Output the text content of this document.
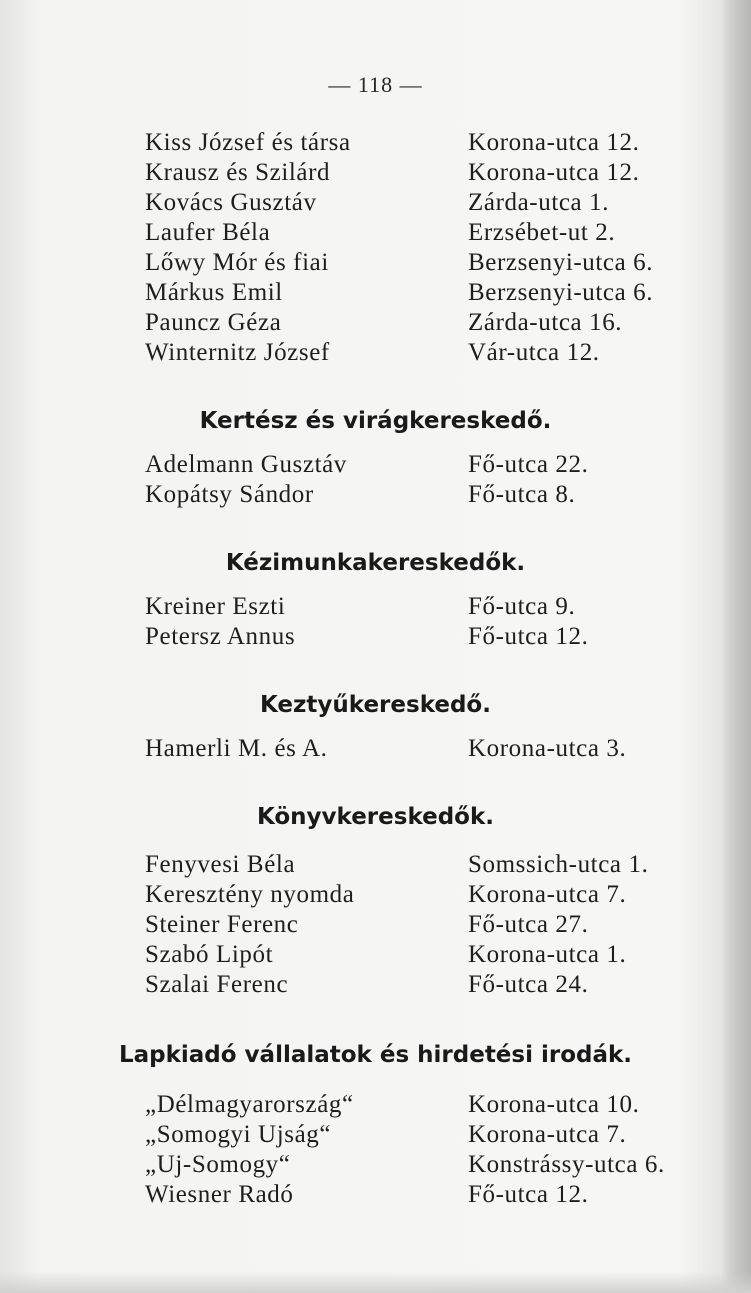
— 118 —
Kiss József és társa	Korona-utca 12.
Krausz és Szilárd	Korona-utca 12.
Kovács Gusztáv	Zárda-utca 1.
Laufer Béla	Erzsébet-ut 2.
Lőwy Mór és fiai	Berzsenyi-utca 6.
Márkus Emil	Berzsenyi-utca 6.
Pauncz Géza	Zárda-utca 16.
Winternitz József	Vár-utca 12.
Kertész és virágkereskedő.
Adelmann Gusztáv	Fő-utca 22.
Kopátsy Sándor	Fő-utca 8.
Kézimunkakereskedők.
Kreiner Eszti	Fő-utca 9.
Petersz Annus	Fő-utca 12.
Keztyűkereskedő.
Hamerli M. és A.	Korona-utca 3.
Könyvkereskedők.
Fenyvesi Béla	Somssich-utca 1.
Keresztény nyomda	Korona-utca 7.
Steiner Ferenc	Fő-utca 27.
Szabó Lipót	Korona-utca 1.
Szalai Ferenc	Fő-utca 24.
Lapkiadó vállalatok és hirdetési irodák.
„Délmagyarország“	Korona-utca 10.
„Somogyi Ujság“	Korona-utca 7.
„Uj-Somogy“	Konstrássy-utca 6.
Wiesner Radó	Fő-utca 12.
